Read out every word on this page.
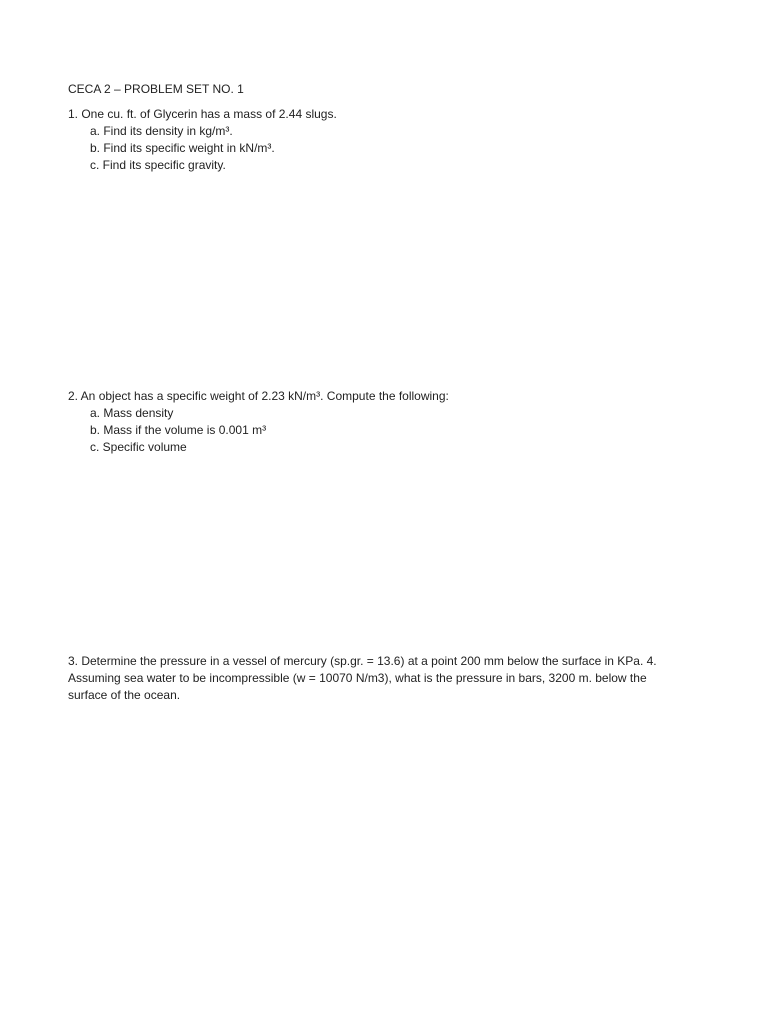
CECA 2 – PROBLEM SET NO. 1
1. One cu. ft. of Glycerin has a mass of 2.44 slugs.
a. Find its density in kg/m³.
b. Find its specific weight in kN/m³.
c. Find its specific gravity.
2. An object has a specific weight of 2.23 kN/m³. Compute the following:
a. Mass density
b. Mass if the volume is 0.001 m³
c. Specific volume
3. Determine the pressure in a vessel of mercury (sp.gr. = 13.6) at a point 200 mm below the surface in KPa. 4.
Assuming sea water to be incompressible (w = 10070 N/m3), what is the pressure in bars, 3200 m. below the
surface of the ocean.
